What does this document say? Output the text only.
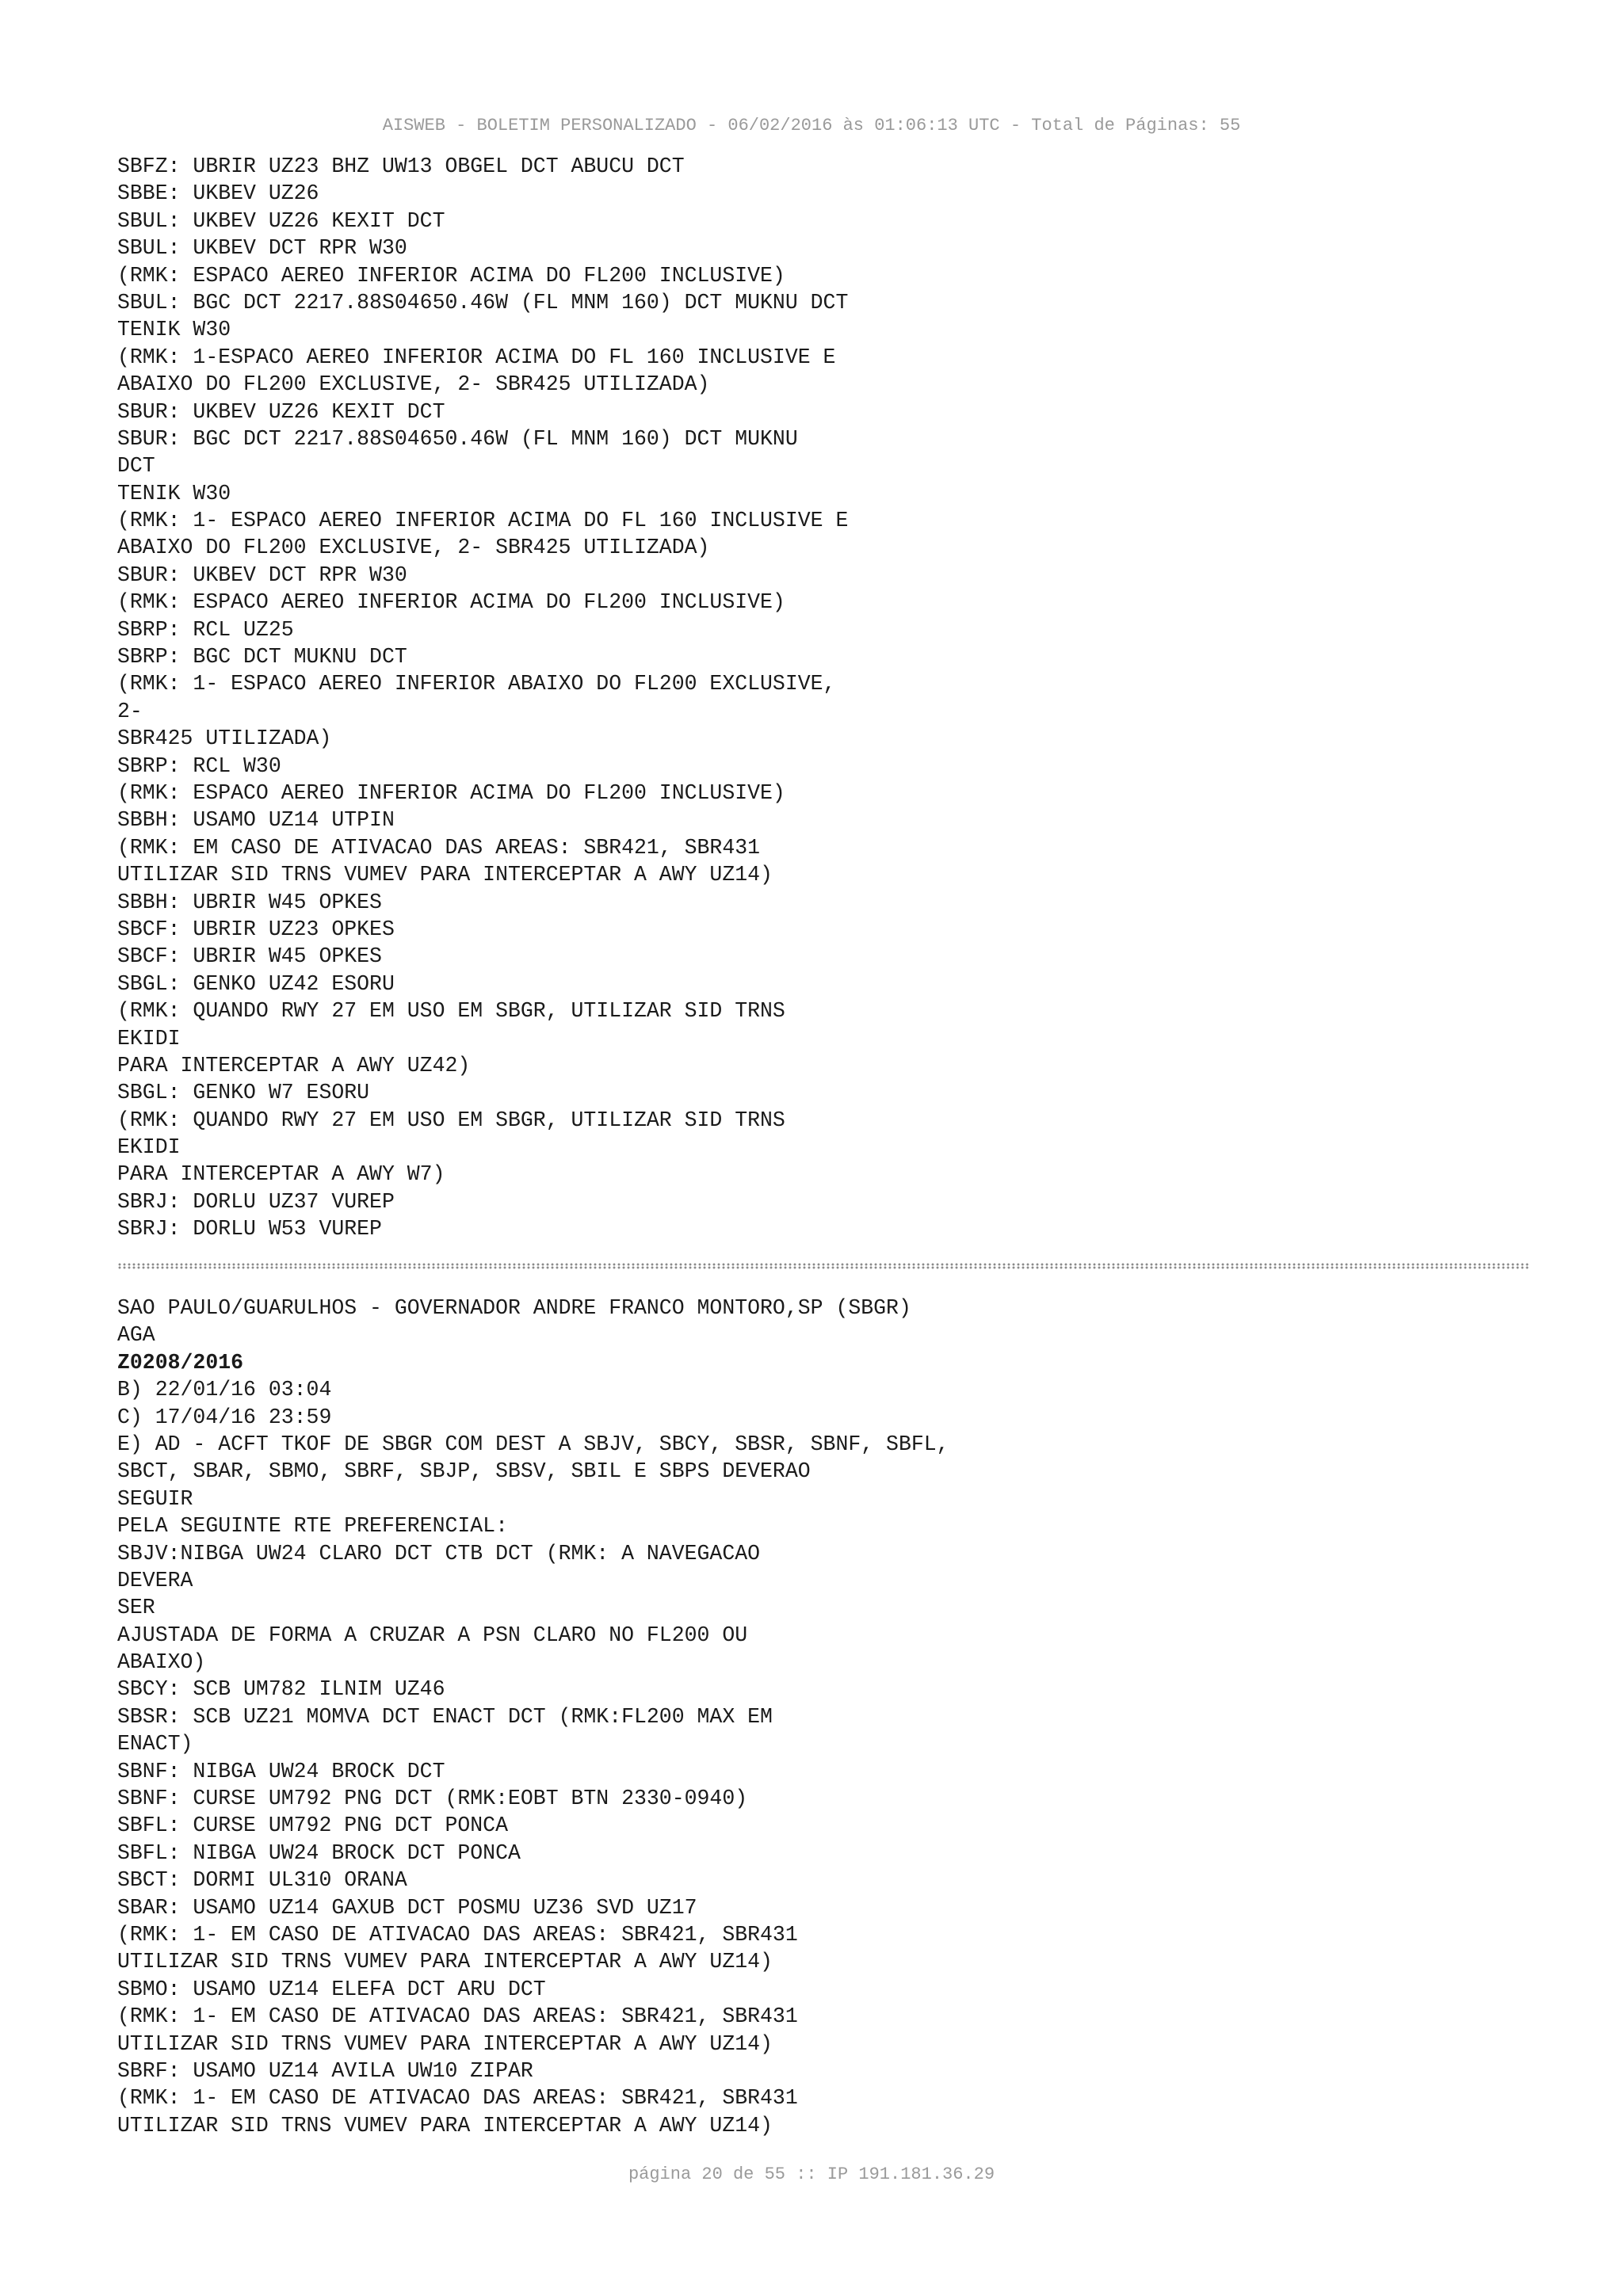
AISWEB - BOLETIM PERSONALIZADO - 06/02/2016 às 01:06:13 UTC - Total de Páginas: 55
SBFZ: UBRIR UZ23 BHZ UW13 OBGEL DCT ABUCU DCT
SBBE: UKBEV UZ26
SBUL: UKBEV UZ26 KEXIT DCT
SBUL: UKBEV DCT RPR W30
(RMK: ESPACO AEREO INFERIOR ACIMA DO FL200 INCLUSIVE)
SBUL: BGC DCT 2217.88S04650.46W (FL MNM 160) DCT MUKNU DCT
TENIK W30
(RMK: 1-ESPACO AEREO INFERIOR ACIMA DO FL 160 INCLUSIVE E
ABAIXO DO FL200 EXCLUSIVE, 2- SBR425 UTILIZADA)
SBUR: UKBEV UZ26 KEXIT DCT
SBUR: BGC DCT 2217.88S04650.46W (FL MNM 160) DCT MUKNU
DCT
TENIK W30
(RMK: 1- ESPACO AEREO INFERIOR ACIMA DO FL 160 INCLUSIVE E
ABAIXO DO FL200 EXCLUSIVE, 2- SBR425 UTILIZADA)
SBUR: UKBEV DCT RPR W30
(RMK: ESPACO AEREO INFERIOR ACIMA DO FL200 INCLUSIVE)
SBRP: RCL UZ25
SBRP: BGC DCT MUKNU DCT
(RMK: 1- ESPACO AEREO INFERIOR ABAIXO DO FL200 EXCLUSIVE,
2-
SBR425 UTILIZADA)
SBRP: RCL W30
(RMK: ESPACO AEREO INFERIOR ACIMA DO FL200 INCLUSIVE)
SBBH: USAMO UZ14 UTPIN
(RMK: EM CASO DE ATIVACAO DAS AREAS: SBR421, SBR431
UTILIZAR SID TRNS VUMEV PARA INTERCEPTAR A AWY UZ14)
SBBH: UBRIR W45 OPKES
SBCF: UBRIR UZ23 OPKES
SBCF: UBRIR W45 OPKES
SBGL: GENKO UZ42 ESORU
(RMK: QUANDO RWY 27 EM USO EM SBGR, UTILIZAR SID TRNS
EKIDI
PARA INTERCEPTAR A AWY UZ42)
SBGL: GENKO W7 ESORU
(RMK: QUANDO RWY 27 EM USO EM SBGR, UTILIZAR SID TRNS
EKIDI
PARA INTERCEPTAR A AWY W7)
SBRJ: DORLU UZ37 VUREP
SBRJ: DORLU W53 VUREP
SAO PAULO/GUARULHOS - GOVERNADOR ANDRE FRANCO MONTORO,SP (SBGR)
AGA
Z0208/2016
B) 22/01/16 03:04
C) 17/04/16 23:59
E) AD - ACFT TKOF DE SBGR COM DEST A SBJV, SBCY, SBSR, SBNF, SBFL,
SBCT, SBAR, SBMO, SBRF, SBJP, SBSV, SBIL E SBPS DEVERAO
SEGUIR
PELA SEGUINTE RTE PREFERENCIAL:
SBJV:NIBGA UW24 CLARO DCT CTB DCT (RMK: A NAVEGACAO
DEVERA
SER
AJUSTADA DE FORMA A CRUZAR A PSN CLARO NO FL200 OU
ABAIXO)
SBCY: SCB UM782 ILNIM UZ46
SBSR: SCB UZ21 MOMVA DCT ENACT DCT (RMK:FL200 MAX EM
ENACT)
SBNF: NIBGA UW24 BROCK DCT
SBNF: CURSE UM792 PNG DCT (RMK:EOBT BTN 2330-0940)
SBFL: CURSE UM792 PNG DCT PONCA
SBFL: NIBGA UW24 BROCK DCT PONCA
SBCT: DORMI UL310 ORANA
SBAR: USAMO UZ14 GAXUB DCT POSMU UZ36 SVD UZ17
(RMK: 1- EM CASO DE ATIVACAO DAS AREAS: SBR421, SBR431
UTILIZAR SID TRNS VUMEV PARA INTERCEPTAR A AWY UZ14)
SBMO: USAMO UZ14 ELEFA DCT ARU DCT
(RMK: 1- EM CASO DE ATIVACAO DAS AREAS: SBR421, SBR431
UTILIZAR SID TRNS VUMEV PARA INTERCEPTAR A AWY UZ14)
SBRF: USAMO UZ14 AVILA UW10 ZIPAR
(RMK: 1- EM CASO DE ATIVACAO DAS AREAS: SBR421, SBR431
UTILIZAR SID TRNS VUMEV PARA INTERCEPTAR A AWY UZ14)
página 20 de 55 :: IP 191.181.36.29
